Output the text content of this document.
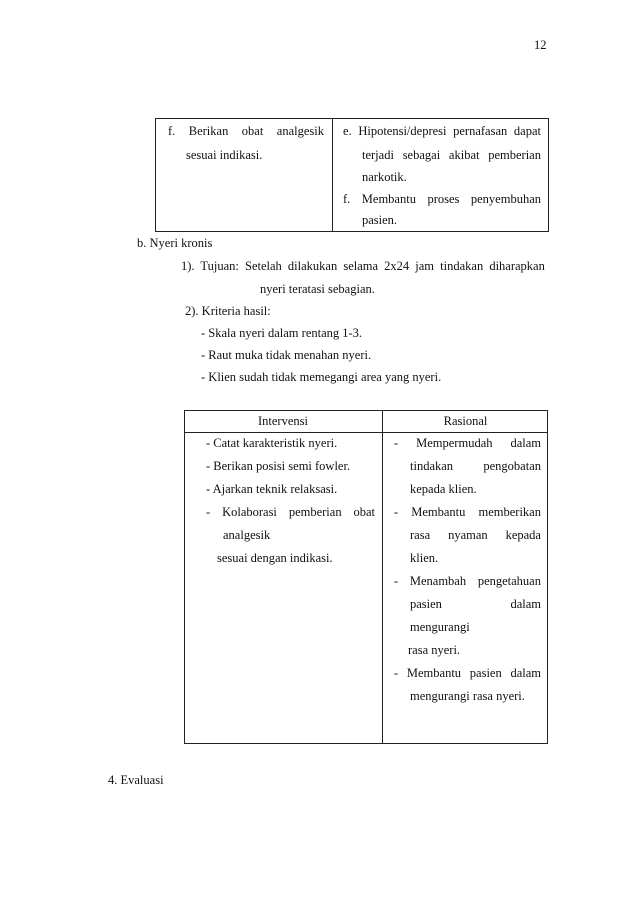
12
f. Berikan obat analgesik
sesuai indikasi.
e. Hipotensi/depresi pernafasan dapat
terjadi sebagai akibat pemberian
narkotik.
f. Membantu proses penyembuhan
pasien.
b. Nyeri kronis
1). Tujuan: Setelah dilakukan selama 2x24 jam tindakan diharapkan
nyeri teratasi sebagian.
2). Kriteria hasil:
- Skala nyeri dalam rentang 1-3.
- Raut muka tidak menahan nyeri.
- Klien sudah tidak memegangi area yang nyeri.
Intervensi	Rasional
- Catat karakteristik nyeri.
- Berikan posisi semi fowler.
- Ajarkan teknik relaksasi.
- Kolaborasi pemberian obat
analgesik
sesuai dengan indikasi.
- Mempermudah dalam
tindakan pengobatan
kepada klien.
- Membantu memberikan
rasa nyaman kepada
klien.
- Menambah pengetahuan
pasien	dalam
mengurangi
rasa nyeri.
- Membantu pasien dalam
mengurangi rasa nyeri.
4. Evaluasi
